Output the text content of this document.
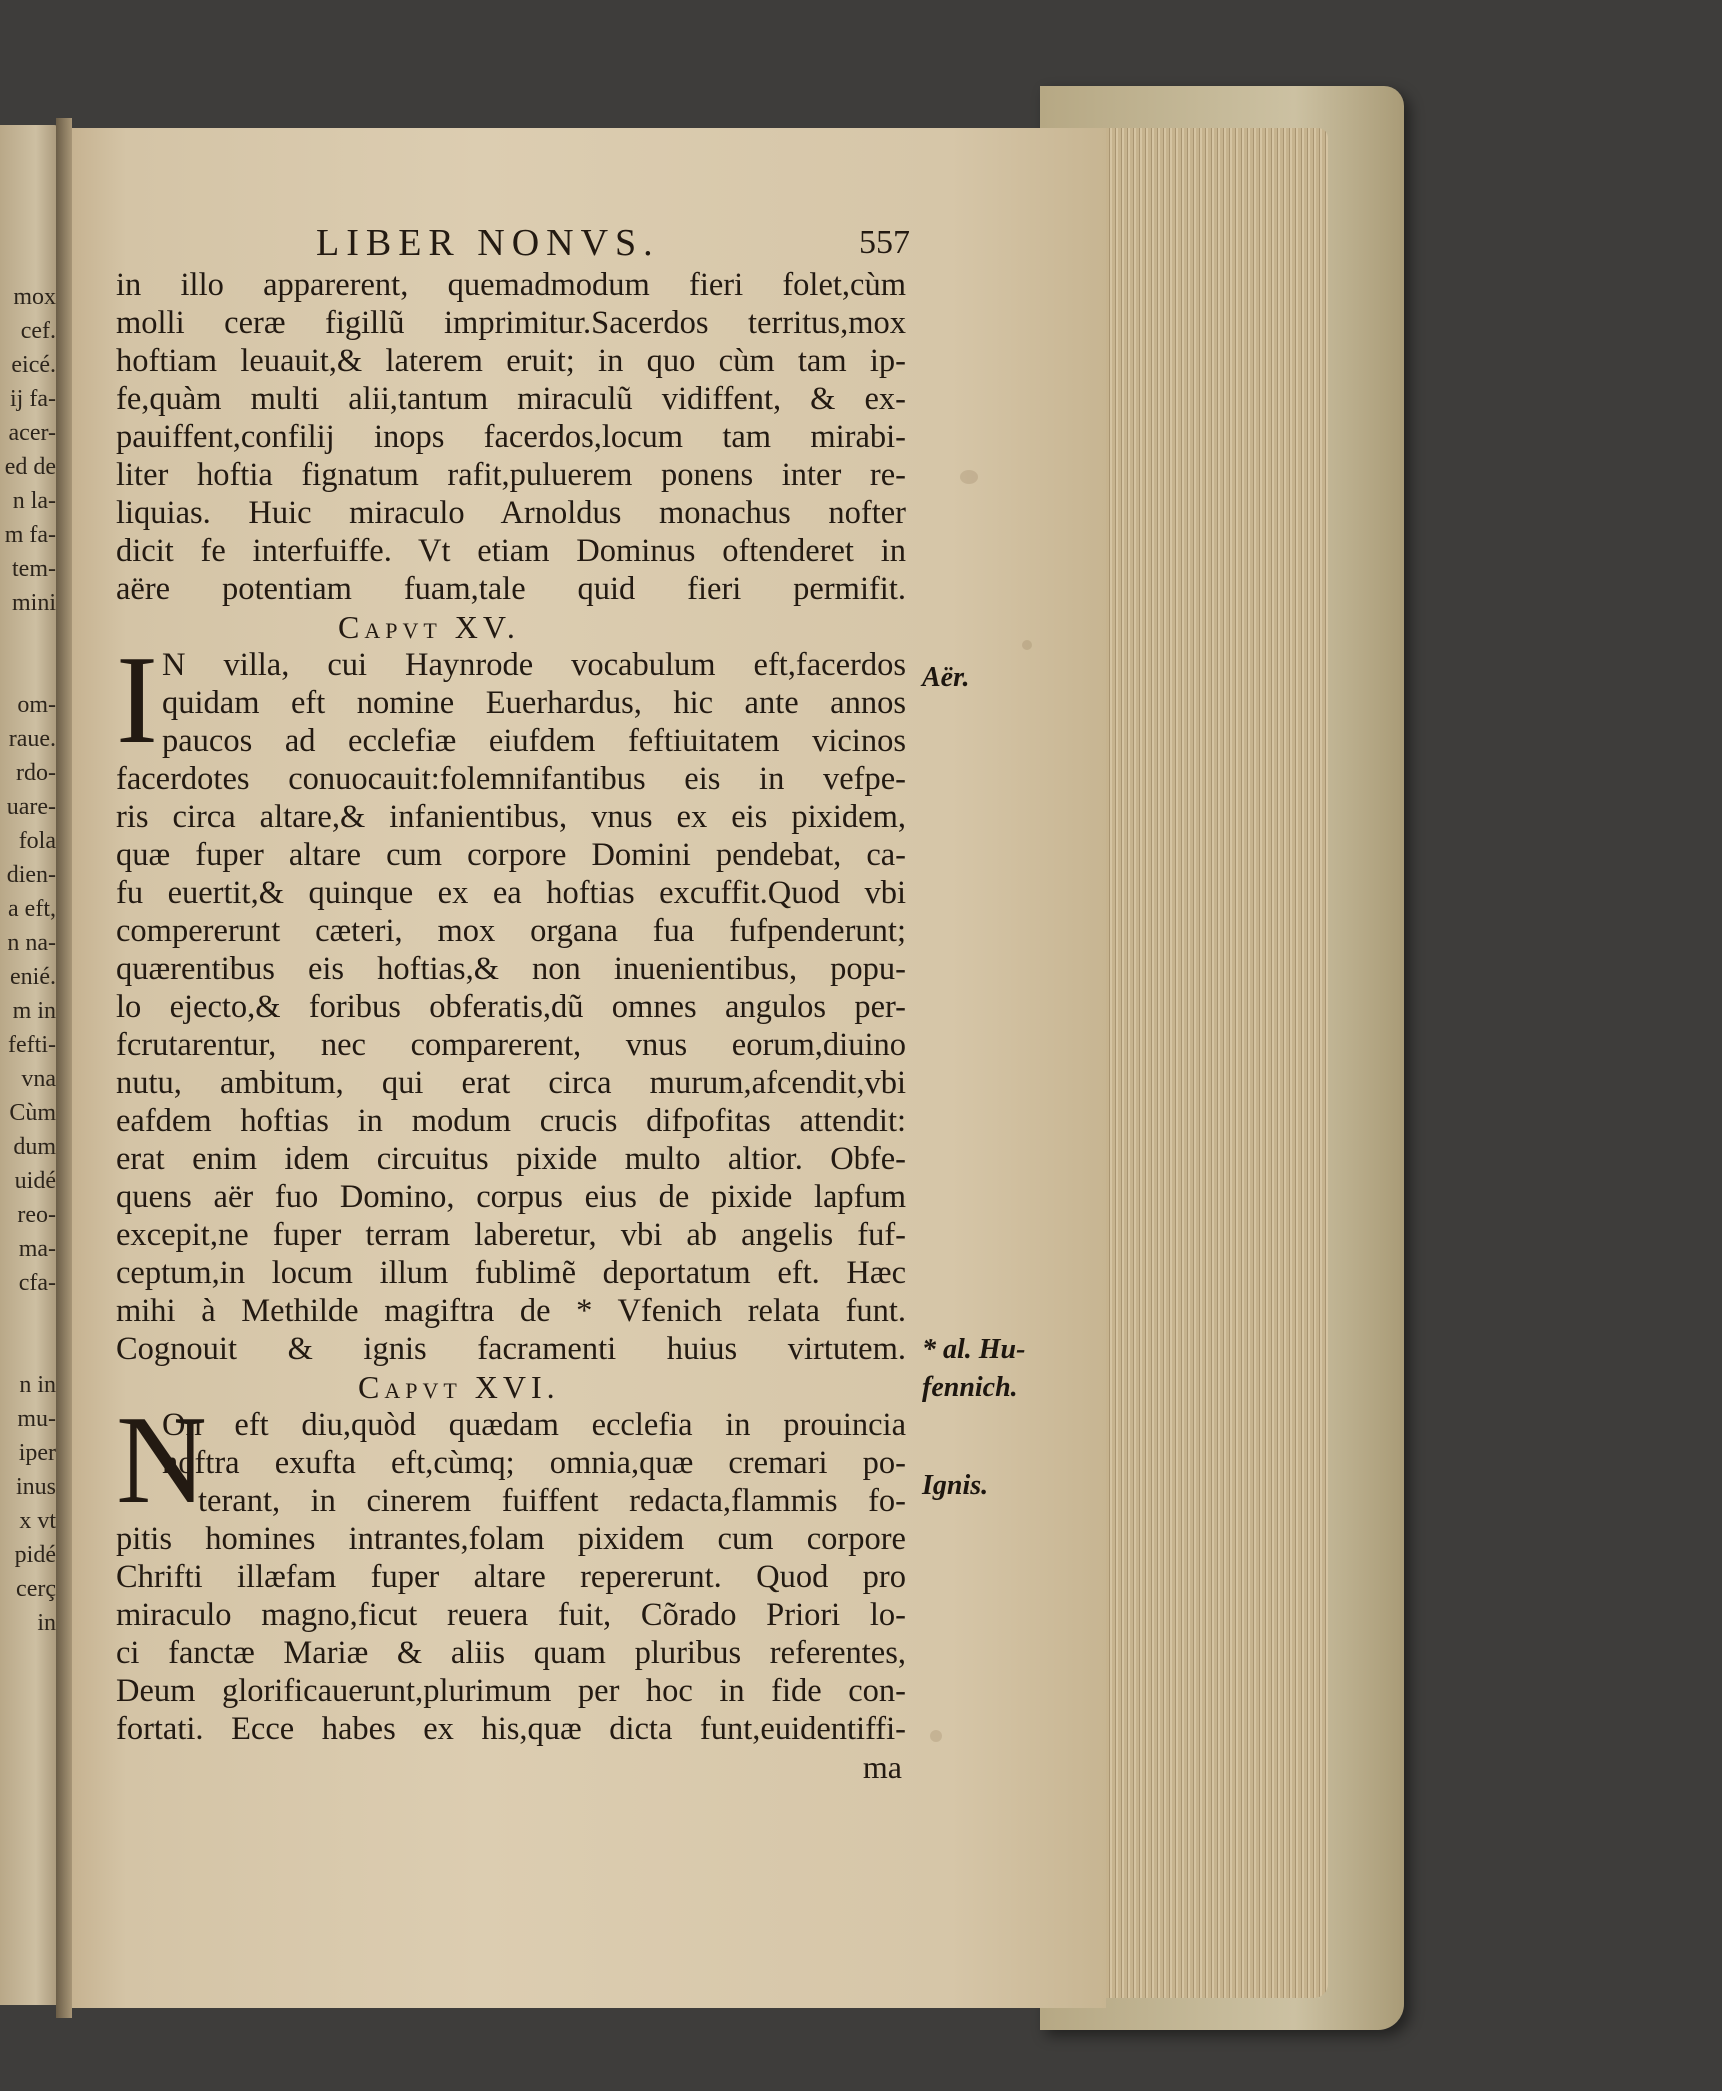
mox
cef.
eicé.
ij fa-
acer-
ed de
n la-
m fa-
tem-
mini
om-
raue.
rdo-
uare-
fola
dien-
a eft,
n na-
enié.
m in
fefti-
vna
Cùm
dum
uidé
reo-
ma-
cfa-
n in
mu-
iper
inus
x vt
pidé
cerç
in
LIBER NONVS.	557
in illo apparerent, quemadmodum fieri folet,cùm
molli ceræ figillũ imprimitur.Sacerdos territus,mox
hoftiam leuauit,& laterem eruit; in quo cùm tam ip-
fe,quàm multi alii,tantum miraculũ vidiffent, & ex-
pauiffent,confilij inops facerdos,locum tam mirabi-
liter hoftia fignatum rafit,puluerem ponens inter re-
liquias. Huic miraculo Arnoldus monachus nofter
dicit fe interfuiffe. Vt etiam Dominus oftenderet in
aëre potentiam fuam,tale quid fieri permifit.
Capvt XV.
I N villa, cui Haynrode vocabulum eft,facerdos
quidam eft nomine Euerhardus, hic ante annos
paucos ad ecclefiæ eiufdem feftiuitatem vicinos
facerdotes conuocauit:folemnifantibus eis in vefpe-
ris circa altare,& infanientibus, vnus ex eis pixidem,
quæ fuper altare cum corpore Domini pendebat, ca-
fu euertit,& quinque ex ea hoftias excuffit.Quod vbi
compererunt cæteri, mox organa fua fufpenderunt;
quærentibus eis hoftias,& non inuenientibus, popu-
lo ejecto,& foribus obferatis,dũ omnes angulos per-
fcrutarentur, nec comparerent, vnus eorum,diuino
nutu, ambitum, qui erat circa murum,afcendit,vbi
eafdem hoftias in modum crucis difpofitas attendit:
erat enim idem circuitus pixide multo altior. Obfe-
quens aër fuo Domino, corpus eius de pixide lapfum
excepit,ne fuper terram laberetur, vbi ab angelis fuf-
ceptum,in locum illum fublimẽ deportatum eft. Hæc
mihi à Methilde magiftra de * Vfenich relata funt.
Cognouit & ignis facramenti huius virtutem.
Capvt XVI.
N
On eft diu,quòd quædam ecclefia in prouincia
noftra exufta eft,cùmq; omnia,quæ cremari po-
terant, in cinerem fuiffent redacta,flammis fo-
pitis homines intrantes,folam pixidem cum corpore
Chrifti illæfam fuper altare repererunt. Quod pro
miraculo magno,ficut reuera fuit, Cõrado Priori lo-
ci fanctæ Mariæ & aliis quam pluribus referentes,
Deum glorificauerunt,plurimum per hoc in fide con-
fortati. Ecce habes ex his,quæ dicta funt,euidentiffi-
ma
Aër.
* al. Hu-
fennich.
Ignis.
